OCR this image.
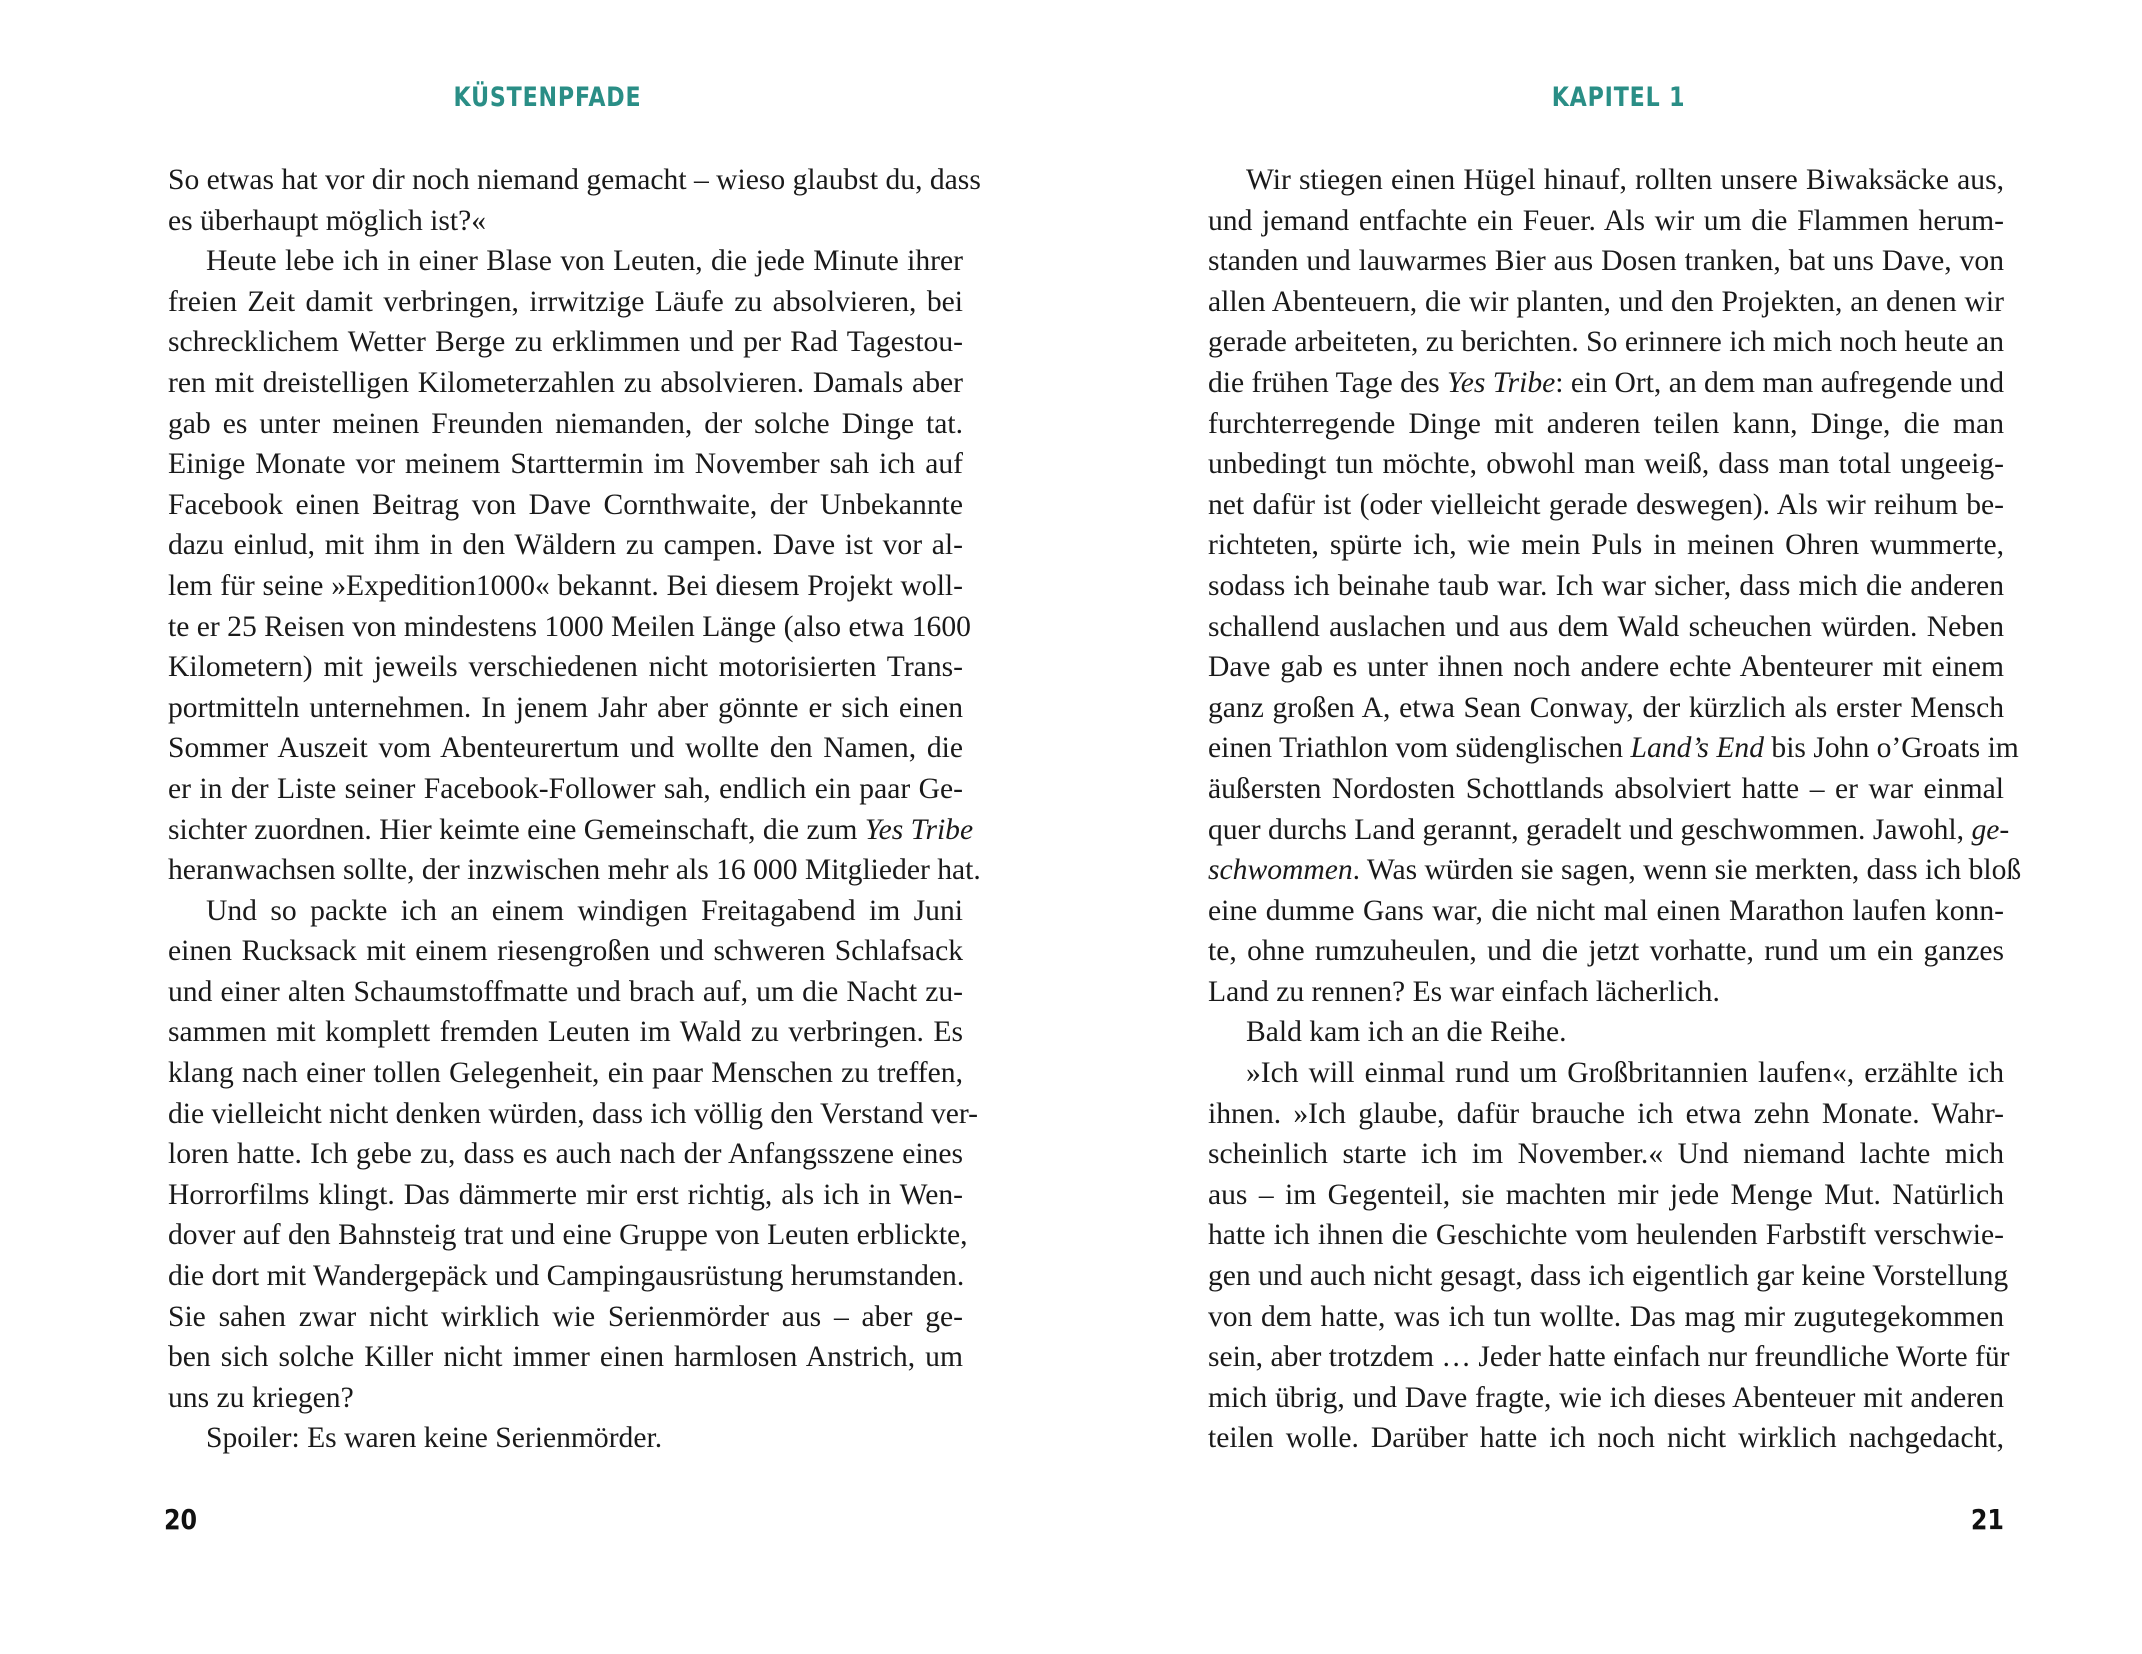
KÜSTENPFADE
So etwas hat vor dir noch niemand gemacht – wieso glaubst du, dass
es überhaupt möglich ist?«
Heute lebe ich in einer Blase von Leuten, die jede Minute ihrer
freien Zeit damit verbringen, irrwitzige Läufe zu absolvieren, bei
schrecklichem Wetter Berge zu erklimmen und per Rad Tagestou-
ren mit dreistelligen Kilometerzahlen zu absolvieren. Damals aber
gab es unter meinen Freunden niemanden, der solche Dinge tat.
Einige Monate vor meinem Starttermin im November sah ich auf
Facebook einen Beitrag von Dave Cornthwaite, der Unbekannte
dazu einlud, mit ihm in den Wäldern zu campen. Dave ist vor al-
lem für seine »Expedition1000« bekannt. Bei diesem Projekt woll-
te er 25 Reisen von mindestens 1000 Meilen Länge (also etwa 1600
Kilometern) mit jeweils verschiedenen nicht motorisierten Trans-
portmitteln unternehmen. In jenem Jahr aber gönnte er sich einen
Sommer Auszeit vom Abenteurertum und wollte den Namen, die
er in der Liste seiner Facebook-Follower sah, endlich ein paar Ge-
sichter zuordnen. Hier keimte eine Gemeinschaft, die zum Yes Tribe
heranwachsen sollte, der inzwischen mehr als 16 000 Mitglieder hat.
Und so packte ich an einem windigen Freitagabend im Juni
einen Rucksack mit einem riesengroßen und schweren Schlafsack
und einer alten Schaumstoffmatte und brach auf, um die Nacht zu-
sammen mit komplett fremden Leuten im Wald zu verbringen. Es
klang nach einer tollen Gelegenheit, ein paar Menschen zu treffen,
die vielleicht nicht denken würden, dass ich völlig den Verstand ver-
loren hatte. Ich gebe zu, dass es auch nach der Anfangsszene eines
Horrorfilms klingt. Das dämmerte mir erst richtig, als ich in Wen-
dover auf den Bahnsteig trat und eine Gruppe von Leuten erblickte,
die dort mit Wandergepäck und Campingausrüstung herumstanden.
Sie sahen zwar nicht wirklich wie Serienmörder aus – aber ge-
ben sich solche Killer nicht immer einen harmlosen Anstrich, um
uns zu kriegen?
Spoiler: Es waren keine Serienmörder.
20
KAPITEL 1
Wir stiegen einen Hügel hinauf, rollten unsere Biwaksäcke aus,
und jemand entfachte ein Feuer. Als wir um die Flammen herum-
standen und lauwarmes Bier aus Dosen tranken, bat uns Dave, von
allen Abenteuern, die wir planten, und den Projekten, an denen wir
gerade arbeiteten, zu berichten. So erinnere ich mich noch heute an
die frühen Tage des Yes Tribe: ein Ort, an dem man aufregende und
furchterregende Dinge mit anderen teilen kann, Dinge, die man
unbedingt tun möchte, obwohl man weiß, dass man total ungeeig-
net dafür ist (oder vielleicht gerade deswegen). Als wir reihum be-
richteten, spürte ich, wie mein Puls in meinen Ohren wummerte,
sodass ich beinahe taub war. Ich war sicher, dass mich die anderen
schallend auslachen und aus dem Wald scheuchen würden. Neben
Dave gab es unter ihnen noch andere echte Abenteurer mit einem
ganz großen A, etwa Sean Conway, der kürzlich als erster Mensch
einen Triathlon vom südenglischen Land’s End bis John o’Groats im
äußersten Nordosten Schottlands absolviert hatte – er war einmal
quer durchs Land gerannt, geradelt und geschwommen. Jawohl, ge-
schwommen. Was würden sie sagen, wenn sie merkten, dass ich bloß
eine dumme Gans war, die nicht mal einen Marathon laufen konn-
te, ohne rumzuheulen, und die jetzt vorhatte, rund um ein ganzes
Land zu rennen? Es war einfach lächerlich.
Bald kam ich an die Reihe.
»Ich will einmal rund um Großbritannien laufen«, erzählte ich
ihnen. »Ich glaube, dafür brauche ich etwa zehn Monate. Wahr-
scheinlich starte ich im November.« Und niemand lachte mich
aus – im Gegenteil, sie machten mir jede Menge Mut. Natürlich
hatte ich ihnen die Geschichte vom heulenden Farbstift verschwie-
gen und auch nicht gesagt, dass ich eigentlich gar keine Vorstellung
von dem hatte, was ich tun wollte. Das mag mir zugutegekommen
sein, aber trotzdem … Jeder hatte einfach nur freundliche Worte für
mich übrig, und Dave fragte, wie ich dieses Abenteuer mit anderen
teilen wolle. Darüber hatte ich noch nicht wirklich nachgedacht,
21
